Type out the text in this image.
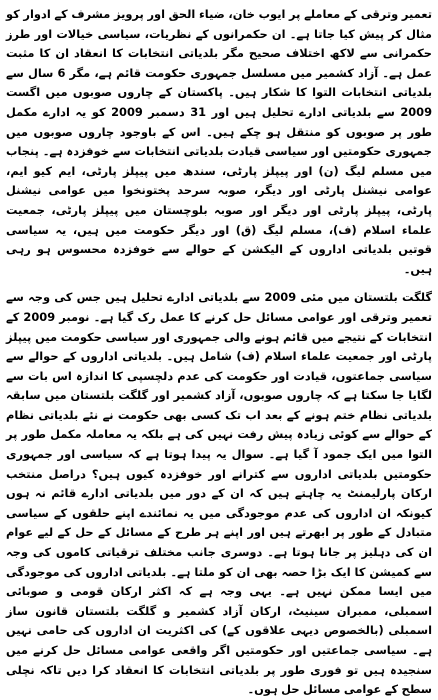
تعمیر وترقی کے معاملے پر ایوب خان، ضیاء الحق اور پرویز مشرف کے ادوار کو مثال کر پیش کیا جاتا ہے۔ ان حکمرانوں کے نظریات، سیاسی خیالات اور طرز حکمرانی سے لاکھ اختلاف صحیح مگر بلدیاتی انتخابات کا انعقاد ان کا مثبت عمل ہے۔ آزاد کشمیر میں مسلسل جمہوری حکومت قائم ہے، مگر 6 سال سے بلدیاتی انتخابات التوا کا شکار ہیں۔ پاکستان کے چاروں صوبوں میں اگست 2009 سے بلدیاتی ادارے تحلیل ہیں اور 31 دسمبر 2009 کو یہ ادارے مکمل طور پر صوبوں کو منتقل ہو چکے ہیں۔ اس کے باوجود چاروں صوبوں میں جمہوری حکومتیں اور سیاسی قیادت بلدیاتی انتخابات سے خوفزدہ ہے۔ پنجاب میں مسلم لیگ (ن) اور پیپلز پارٹی، سندھ میں پیپلز پارٹی، ایم کیو ایم، عوامی نیشنل پارٹی اور دیگر، صوبہ سرحد پختونخوا میں عوامی نیشنل پارٹی، پیپلز پارٹی اور دیگر اور صوبہ بلوچستان میں پیپلز پارٹی، جمعیت علماء اسلام (ف)، مسلم لیگ (ق) اور دیگر حکومت میں ہیں، یہ سیاسی قوتیں بلدیاتی اداروں کے الیکشن کے حوالے سے خوفزدہ محسوس ہو رہی ہیں۔

گلگت بلتستان میں مئی 2009 سے بلدیاتی ادارے تحلیل ہیں جس کی وجہ سے تعمیر وترقی اور عوامی مسائل حل کرنے کا عمل رک گیا ہے۔ نومبر 2009 کے انتخابات کے نتیجے میں قائم ہونے والی جمہوری اور سیاسی حکومت میں پیپلز پارٹی اور جمعیت علماء اسلام (ف) شامل ہیں۔ بلدیاتی اداروں کے حوالے سے سیاسی جماعتوں، قیادت اور حکومت کی عدم دلچسپی کا اندازہ اس بات سے لگایا جا سکتا ہے کہ چاروں صوبوں، آزاد کشمیر اور گلگت بلتستان میں سابقہ بلدیاتی نظام ختم ہونے کے بعد اب تک کسی بھی حکومت نے نئے بلدیاتی نظام کے حوالے سے کوئی زیادہ پیش رفت نہیں کی ہے بلکہ یہ معاملہ مکمل طور پر التوا میں ایک جمود آ گیا ہے۔ سوال یہ پیدا ہوتا ہے کہ سیاسی اور جمہوری حکومتیں بلدیاتی اداروں سے کترانے اور خوفزدہ کیوں ہیں؟ دراصل منتخب ارکان پارلیمنٹ یہ چاہتے ہیں کہ ان کے دور میں بلدیاتی ادارے قائم نہ ہوں کیونکہ ان اداروں کی عدم موجودگی میں یہ نمائندے اپنے حلقوں کے سیاسی متبادل کے طور پر ابھرتے ہیں اور اپنے ہر طرح کے مسائل کے حل کے لیے عوام ان کی دہلیز پر جانا ہوتا ہے۔ دوسری جانب مختلف ترقیاتی کاموں کی وجہ سے کمیشن کا ایک بڑا حصہ بھی ان کو ملتا ہے۔ بلدیاتی اداروں کی موجودگی میں ایسا ممکن نہیں ہے۔ یہی وجہ ہے کہ اکثر ارکان قومی و صوبائی اسمبلی، ممبران سینیٹ، ارکان آزاد کشمیر و گلگت بلتستان قانون ساز اسمبلی (بالخصوص دیہی علاقوں کے) کی اکثریت ان اداروں کی حامی نہیں ہے۔ سیاسی جماعتیں اور حکومتیں اگر واقعی عوامی مسائل حل کرنے میں سنجیدہ ہیں تو فوری طور پر بلدیاتی انتخابات کا انعقاد کرا دیں تاکہ نچلی سطح کے عوامی مسائل حل ہوں۔
